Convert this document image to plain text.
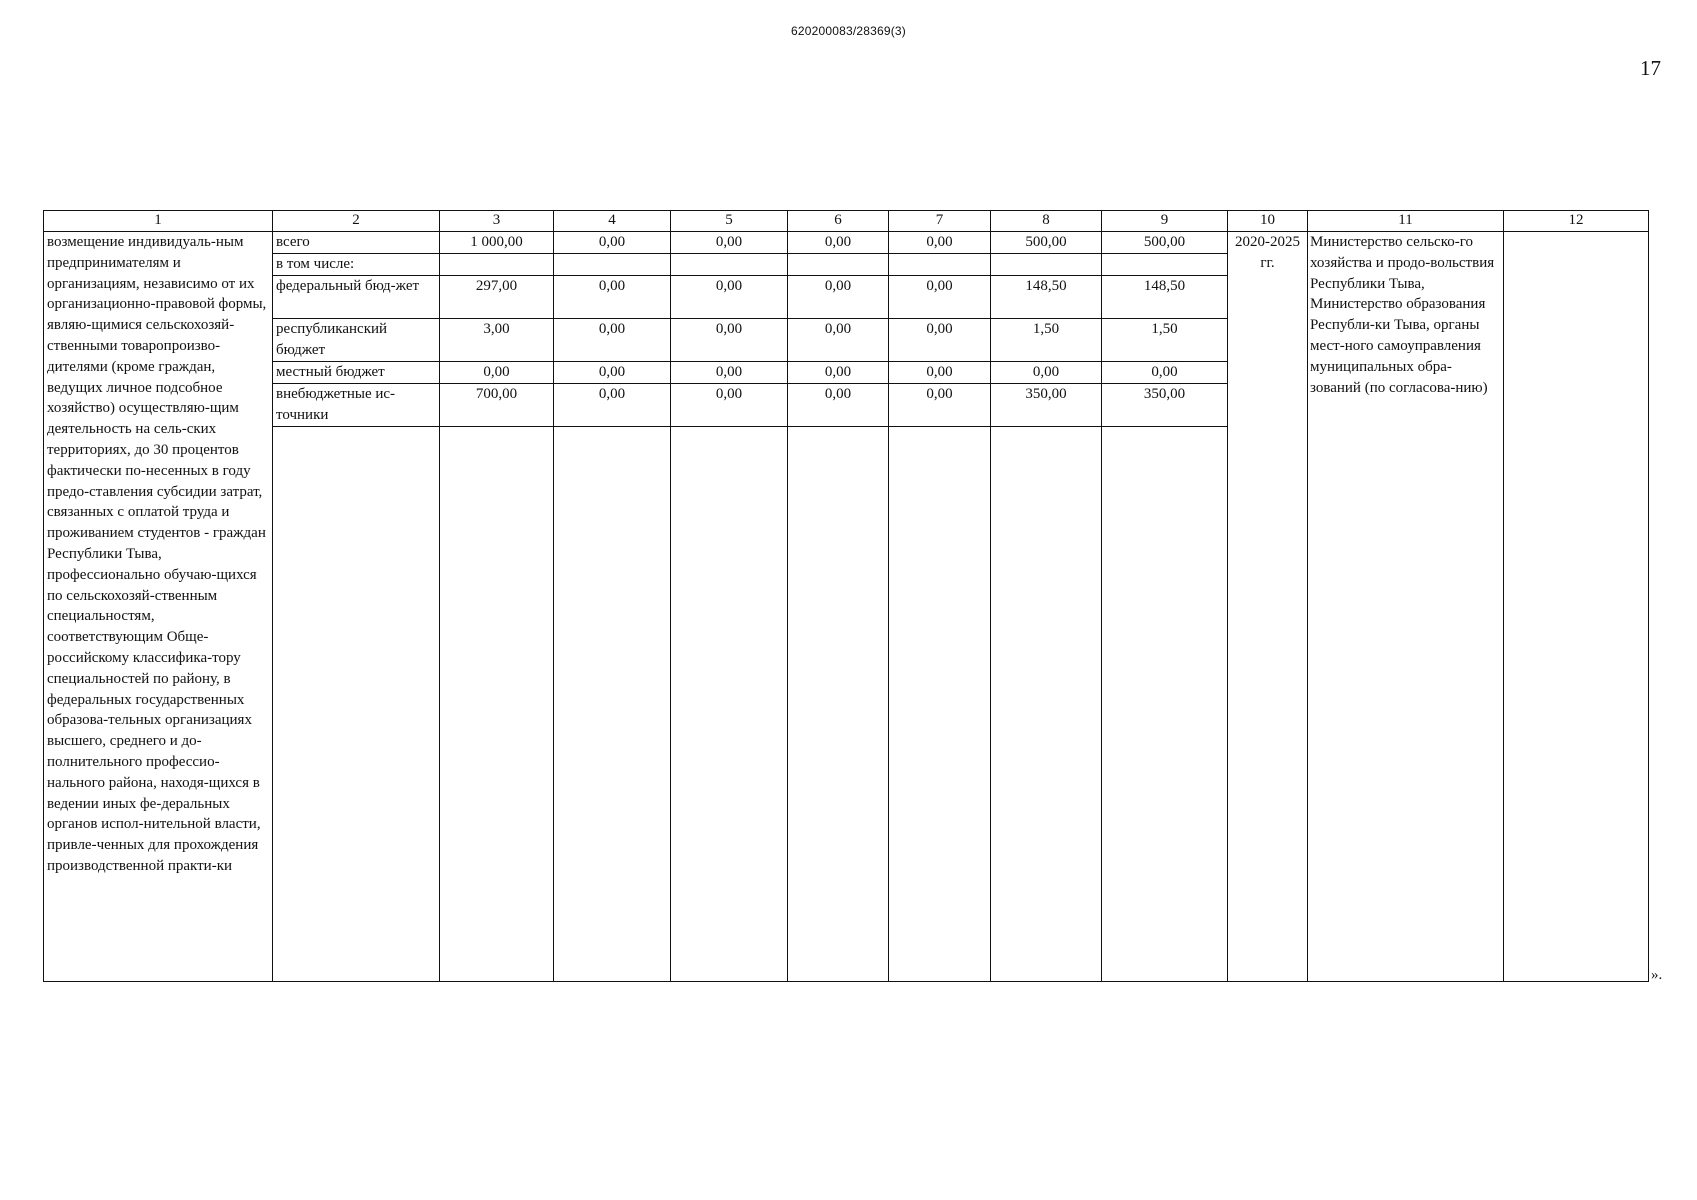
620200083/28369(3)
17
1	2	3	4	5	6	7	8	9	10	11	12
возмещение индивидуаль-ным предпринимателям и организациям, независимо от их организационно-правовой формы, являю-щимися сельскохозяй-ственными товаропроизво-дителями (кроме граждан, ведущих личное подсобное хозяйство) осуществляю-щим деятельность на сель-ских территориях, до 30 процентов фактически по-несенных в году предо-ставления субсидии затрат, связанных с оплатой труда и проживанием студентов - граждан Республики Тыва, профессионально обучаю-щихся по сельскохозяй-ственным специальностям, соответствующим Обще-российскому классифика-тору специальностей по району, в федеральных государственных образова-тельных организациях высшего, среднего и до-полнительного профессио-нального района, находя-щихся в ведении иных фе-деральных органов испол-нительной власти, привле-ченных для прохождения производственной практи-ки	всего	1 000,00	0,00	0,00	0,00	0,00	500,00	500,00	2020-2025 гг.	Министерство сельско-го хозяйства и продо-вольствия Республики Тыва, Министерство образования Республи-ки Тыва, органы мест-ного самоуправления муниципальных обра-зований (по согласова-нию)	
	в том числе:										
	федеральный бюд-жет	297,00	0,00	0,00	0,00	0,00	148,50	148,50			
	республиканский бюджет	3,00	0,00	0,00	0,00	0,00	1,50	1,50			
	местный бюджет	0,00	0,00	0,00	0,00	0,00	0,00	0,00			
	внебюджетные ис-точники	700,00	0,00	0,00	0,00	0,00	350,00	350,00			

».
